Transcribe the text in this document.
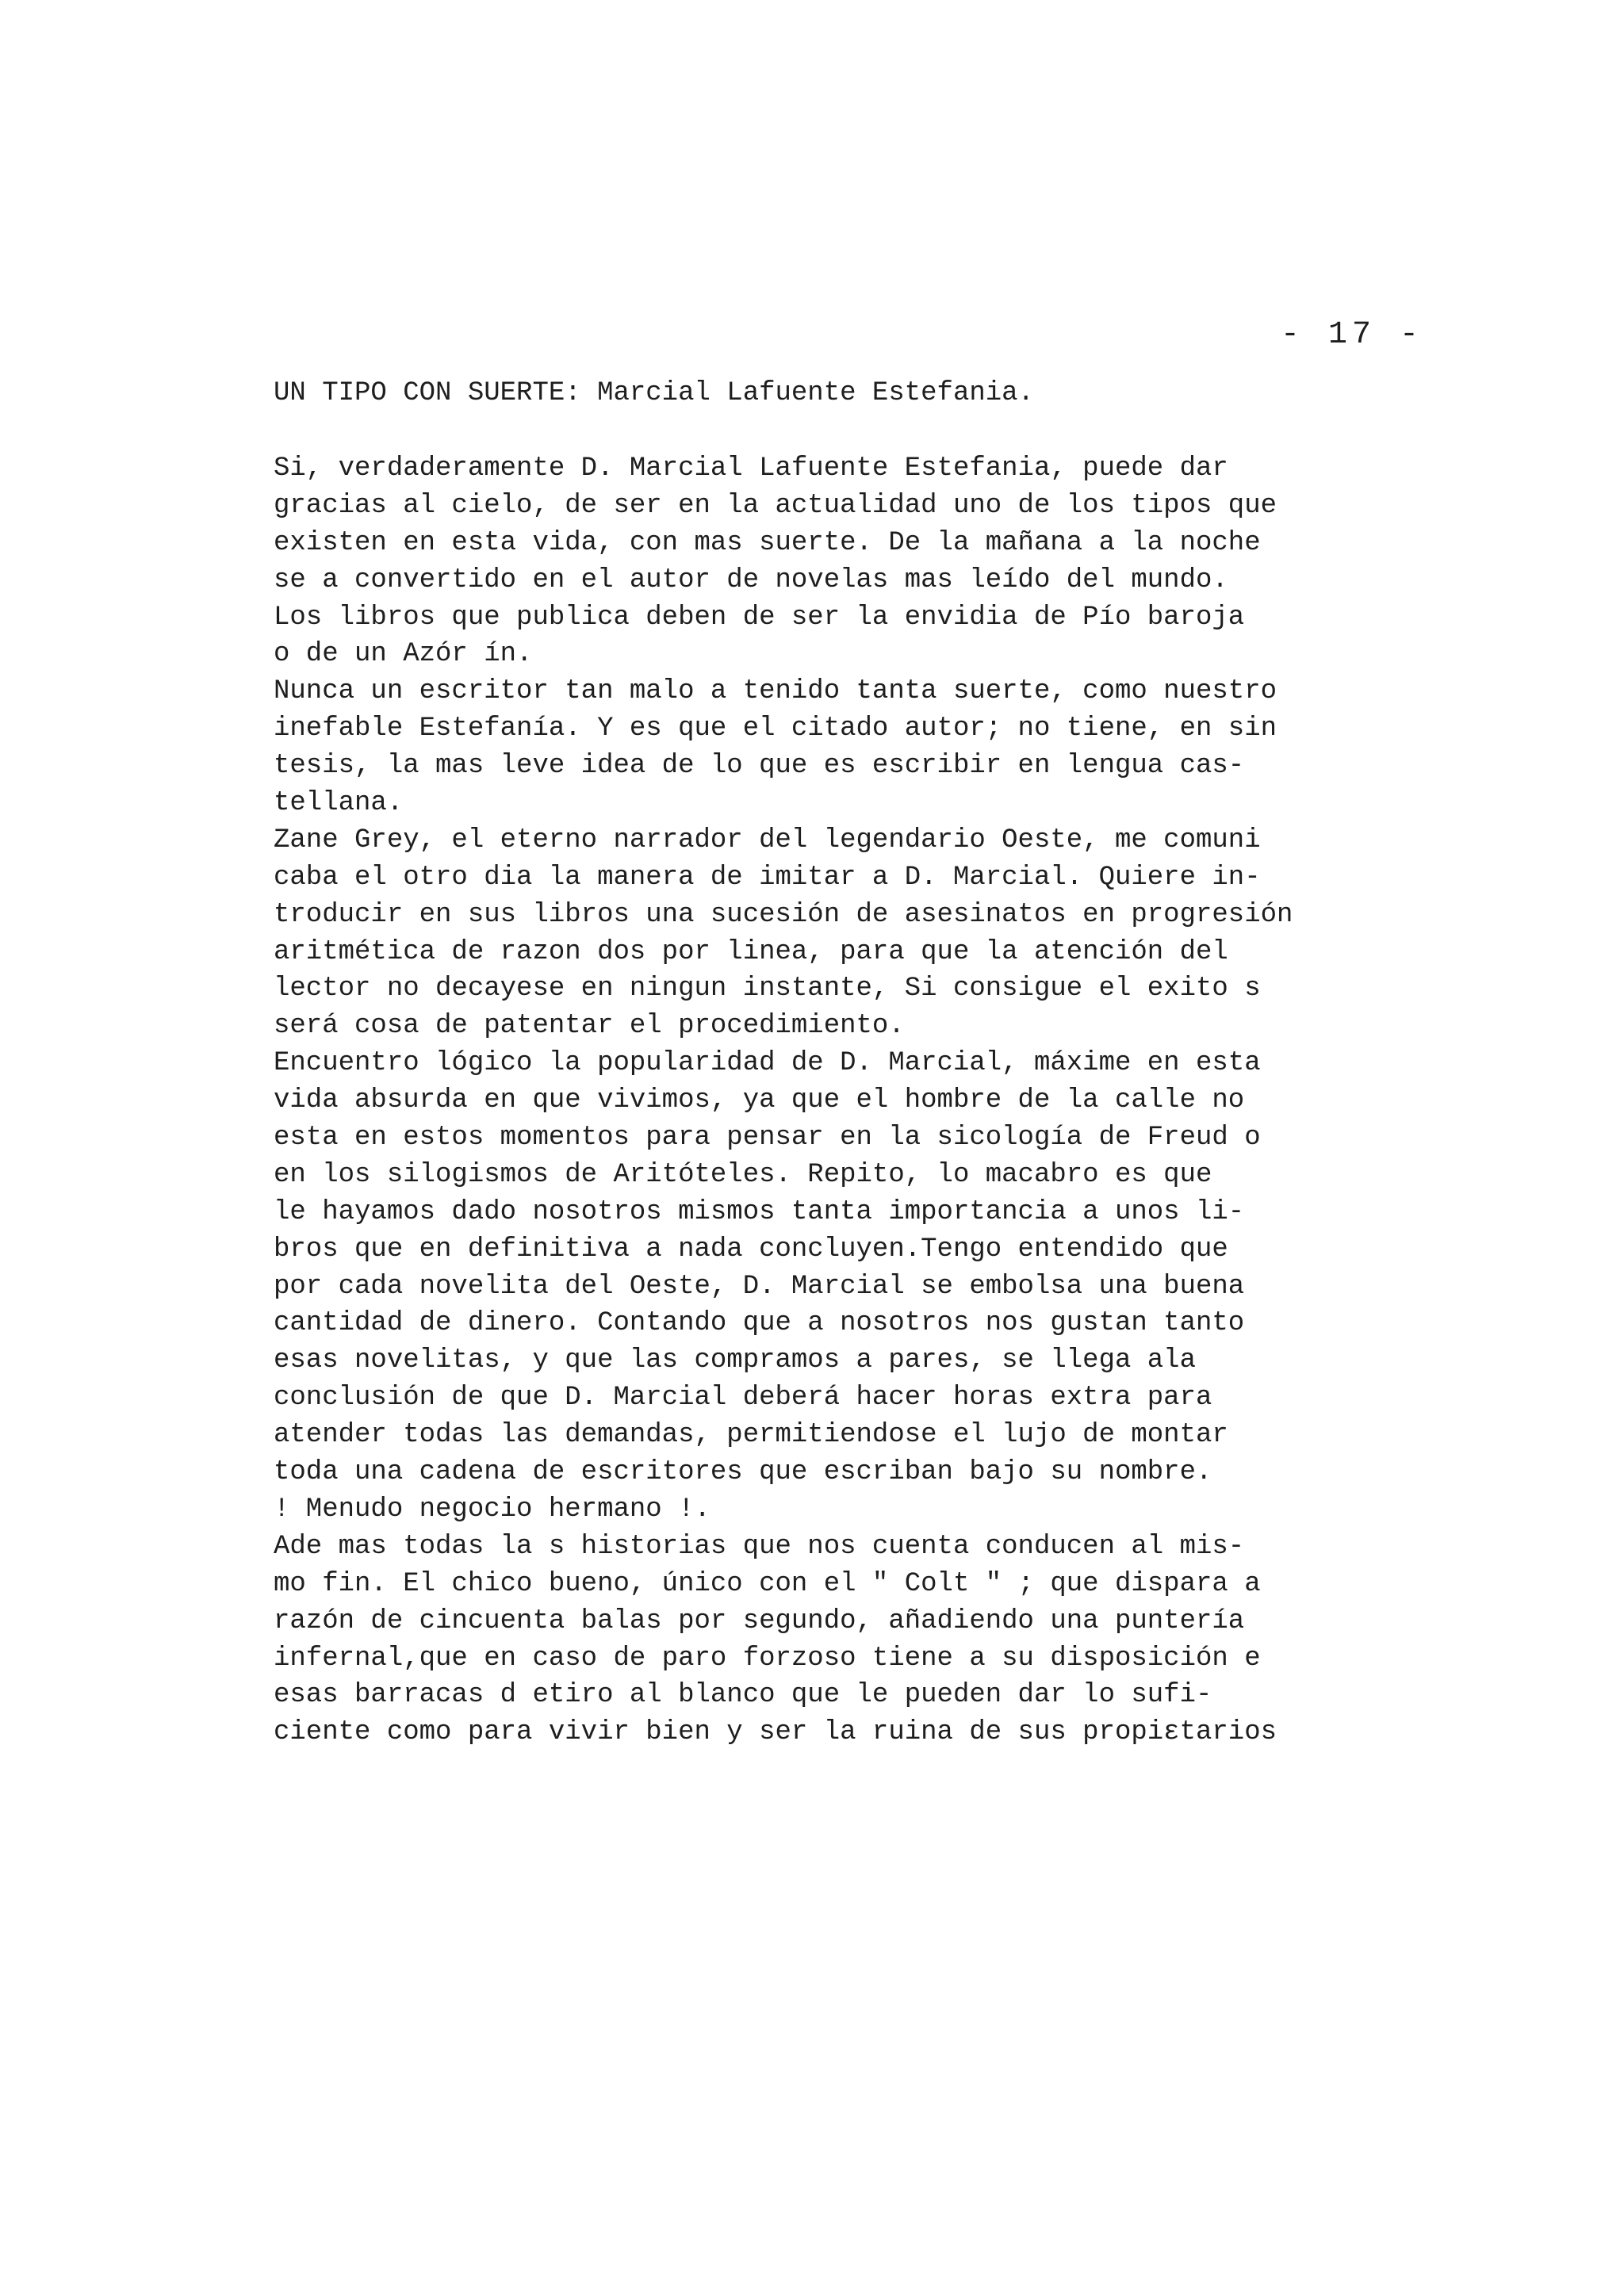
- 17 -
UN TIPO CON SUERTE: Marcial Lafuente Estefania.
Si, verdaderamente D. Marcial Lafuente Estefania, puede dar
gracias al cielo, de ser en la actualidad uno de los tipos que
existen en esta vida, con mas suerte. De la mañana a la noche
se a convertido en el autor de novelas mas leído del mundo.
Los libros que publica deben de ser la envidia de Pío baroja
o de un Azór ín.
Nunca un escritor tan malo a tenido tanta suerte, como nuestro
inefable Estefanía. Y es que el citado autor; no tiene, en sin
tesis, la mas leve idea de lo que es escribir en lengua cas-
tellana.
Zane Grey, el eterno narrador del legendario Oeste, me comuni
caba el otro dia la manera de imitar a D. Marcial. Quiere in-
troducir en sus libros una sucesión de asesinatos en progresión
aritmética de razon dos por linea, para que la atención del
lector no decayese en ningun instante, Si consigue el exito s
será cosa de patentar el procedimiento.
Encuentro lógico la popularidad de D. Marcial, máxime en esta
vida absurda en que vivimos, ya que el hombre de la calle no
esta en estos momentos para pensar en la sicología de Freud o
en los silogismos de Aritóteles. Repito, lo macabro es que
le hayamos dado nosotros mismos tanta importancia a unos li-
bros que en definitiva a nada concluyen.Tengo entendido que
por cada novelita del Oeste, D. Marcial se embolsa una buena
cantidad de dinero. Contando que a nosotros nos gustan tanto
esas novelitas, y que las compramos a pares, se llega ala
conclusión de que D. Marcial deberá hacer horas extra para
atender todas las demandas, permitiendose el lujo de montar
toda una cadena de escritores que escriban bajo su nombre.
! Menudo negocio hermano !.
Ade mas todas la s historias que nos cuenta conducen al mis-
mo fin. El chico bueno, único con el " Colt " ; que dispara a
razón de cincuenta balas por segundo, añadiendo una puntería
infernal,que en caso de paro forzoso tiene a su disposición e
esas barracas d etiro al blanco que le pueden dar lo sufi-
ciente como para vivir bien y ser la ruina de sus propiεtarios
